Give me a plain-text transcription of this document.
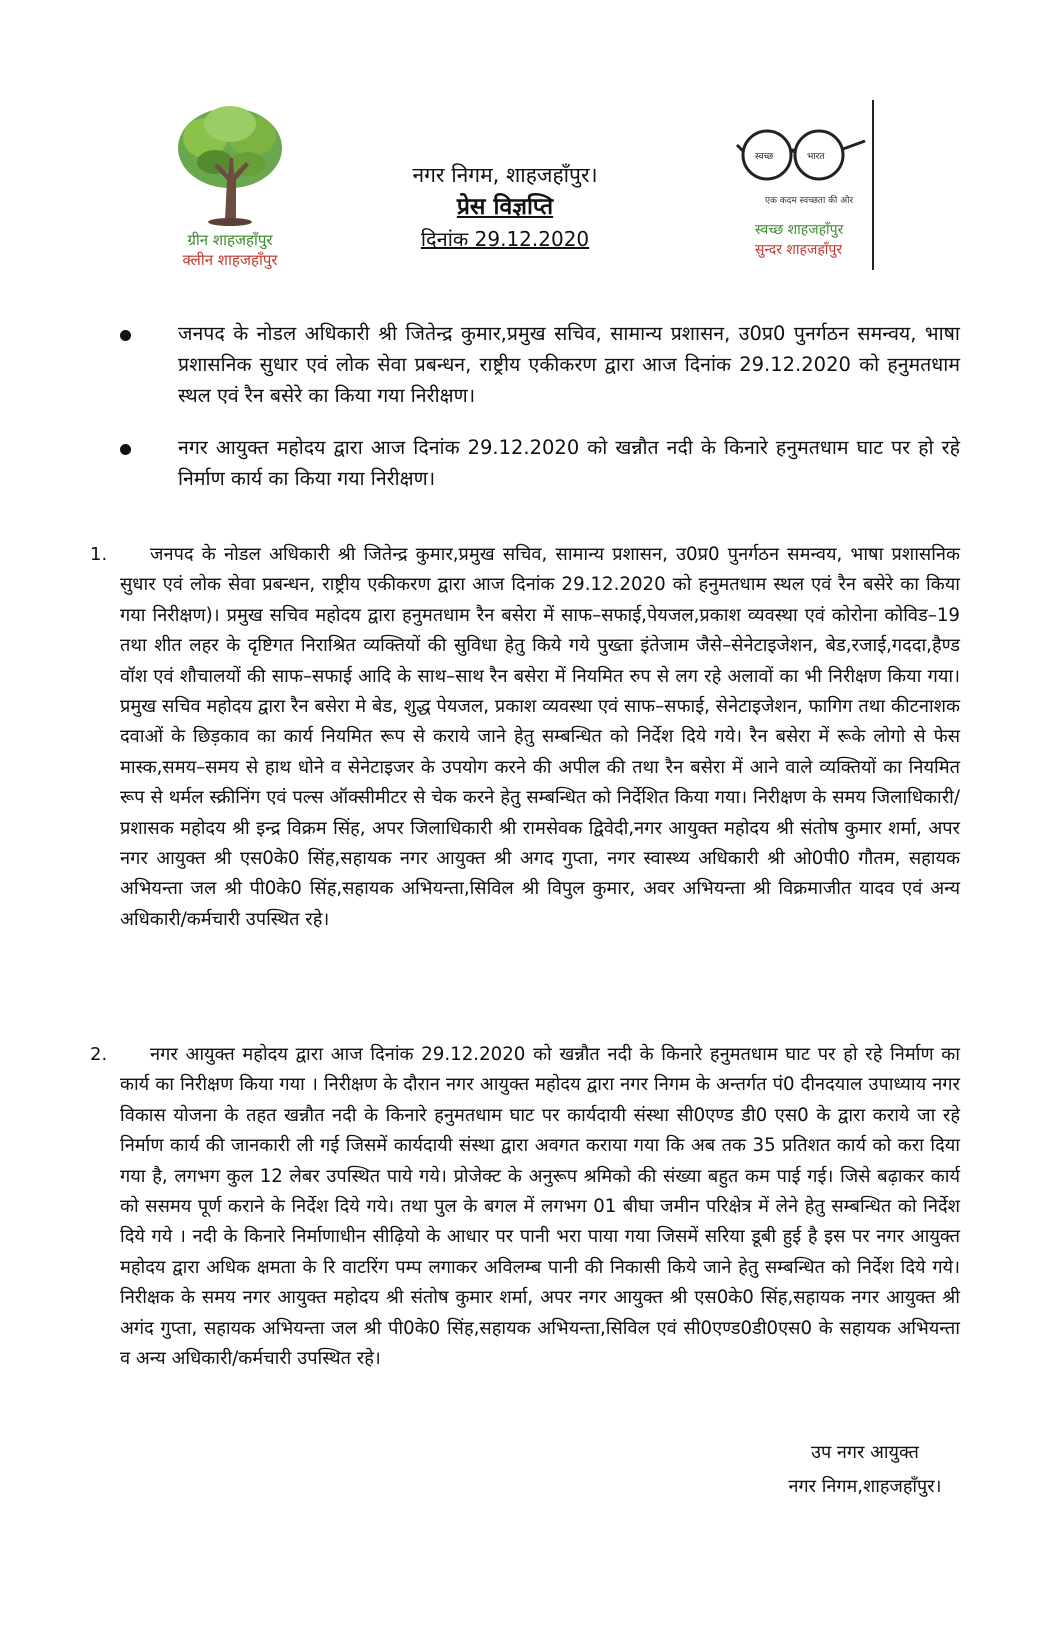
ग्रीन शाहजहाँपुर
क्लीन शाहजहाँपुर
नगर निगम, शाहजहाँपुर।
प्रेस विज्ञप्ति
दिनांक 29.12.2020
स्वच्छ	भारत
एक कदम स्वच्छता की ओर
स्वच्छ शाहजहाँपुर
सुन्दर शाहजहाँपुर
जनपद के नोडल अधिकारी श्री जितेन्द्र कुमार,प्रमुख सचिव, सामान्य प्रशासन, उ0प्र0 पुनर्गठन समन्वय, भाषा प्रशासनिक सुधार एवं लोक सेवा प्रबन्धन, राष्ट्रीय एकीकरण द्वारा आज दिनांक 29.12.2020 को हनुमतधाम स्थल एवं रैन बसेरे का किया गया निरीक्षण।
नगर आयुक्त महोदय द्वारा आज दिनांक 29.12.2020 को खन्नौत नदी के किनारे हनुमतधाम घाट पर हो रहे निर्माण कार्य का किया गया निरीक्षण।
1.	जनपद के नोडल अधिकारी श्री जितेन्द्र कुमार,प्रमुख सचिव, सामान्य प्रशासन, उ0प्र0 पुनर्गठन समन्वय, भाषा प्रशासनिक सुधार एवं लोक सेवा प्रबन्धन, राष्ट्रीय एकीकरण द्वारा आज दिनांक 29.12.2020 को हनुमतधाम स्थल एवं रैन बसेरे का किया गया निरीक्षण)। प्रमुख सचिव महोदय द्वारा हनुमतधाम रैन बसेरा में साफ–सफाई,पेयजल,प्रकाश व्यवस्था एवं कोरोना कोविड–19 तथा शीत लहर के दृष्टिगत निराश्रित व्यक्तियों की सुविधा हेतु किये गये पुख्ता इंतेजाम जैसे–सेनेटाइजेशन, बेड,रजाई,गददा,हैण्ड वॉश एवं शौचालयों की साफ–सफाई आदि के साथ–साथ रैन बसेरा में नियमित रुप से लग रहे अलावों का भी निरीक्षण किया गया। प्रमुख सचिव महोदय द्वारा रैन बसेरा मे बेड, शुद्ध पेयजल, प्रकाश व्यवस्था एवं साफ–सफाई, सेनेटाइजेशन, फागिग तथा कीटनाशक दवाओं के छिड़काव का कार्य नियमित रूप से कराये जाने हेतु सम्बन्धित को निर्देश दिये गये। रैन बसेरा में रूके लोगो से फेस मास्क,समय–समय से हाथ धोने व सेनेटाइजर के उपयोग करने की अपील की तथा रैन बसेरा में आने वाले व्यक्तियों का नियमित रूप से थर्मल स्क्रीनिंग एवं पल्स ऑक्सीमीटर से चेक करने हेतु सम्बन्धित को निर्देशित किया गया। निरीक्षण के समय जिलाधिकारी/प्रशासक महोदय श्री इन्द्र विक्रम सिंह, अपर जिलाधिकारी श्री रामसेवक द्विवेदी,नगर आयुक्त महोदय श्री संतोष कुमार शर्मा, अपर नगर आयुक्त श्री एस0के0 सिंह,सहायक नगर आयुक्त श्री अगद गुप्ता, नगर स्वास्थ्य अधिकारी श्री ओ0पी0 गौतम, सहायक अभियन्ता जल श्री पी0के0 सिंह,सहायक अभियन्ता,सिविल श्री विपुल कुमार, अवर अभियन्ता श्री विक्रमाजीत यादव एवं अन्य अधिकारी/कर्मचारी उपस्थित रहे।
2.	नगर आयुक्त महोदय द्वारा आज दिनांक 29.12.2020 को खन्नौत नदी के किनारे हनुमतधाम घाट पर हो रहे निर्माण का कार्य का निरीक्षण किया गया । निरीक्षण के दौरान नगर आयुक्त महोदय द्वारा नगर निगम के अन्तर्गत पं0 दीनदयाल उपाध्याय नगर विकास योजना के तहत खन्नौत नदी के किनारे हनुमतधाम घाट पर कार्यदायी संस्था सी0एण्ड डी0 एस0 के द्वारा कराये जा रहे निर्माण कार्य की जानकारी ली गई जिसमें कार्यदायी संस्था द्वारा अवगत कराया गया कि अब तक 35 प्रतिशत कार्य को करा दिया गया है, लगभग कुल 12 लेबर उपस्थित पाये गये। प्रोजेक्ट के अनुरूप श्रमिको की संख्या बहुत कम पाई गई। जिसे बढ़ाकर कार्य को ससमय पूर्ण कराने के निर्देश दिये गये। तथा पुल के बगल में लगभग 01 बीघा जमीन परिक्षेत्र में लेने हेतु सम्बन्धित को निर्देश दिये गये । नदी के किनारे निर्माणाधीन सीढ़ियो के आधार पर पानी भरा पाया गया जिसमें सरिया डूबी हुई है इस पर नगर आयुक्त महोदय द्वारा अधिक क्षमता के रि वाटरिंग पम्प लगाकर अविलम्ब पानी की निकासी किये जाने हेतु सम्बन्धित को निर्देश दिये गये। निरीक्षक के समय नगर आयुक्त महोदय श्री संतोष कुमार शर्मा, अपर नगर आयुक्त श्री एस0के0 सिंह,सहायक नगर आयुक्त श्री अगंद गुप्ता, सहायक अभियन्ता जल श्री पी0के0 सिंह,सहायक अभियन्ता,सिविल एवं सी0एण्ड0डी0एस0 के सहायक अभियन्ता व अन्य अधिकारी/कर्मचारी उपस्थित रहे।
उप नगर आयुक्त
नगर निगम,शाहजहाँपुर।
